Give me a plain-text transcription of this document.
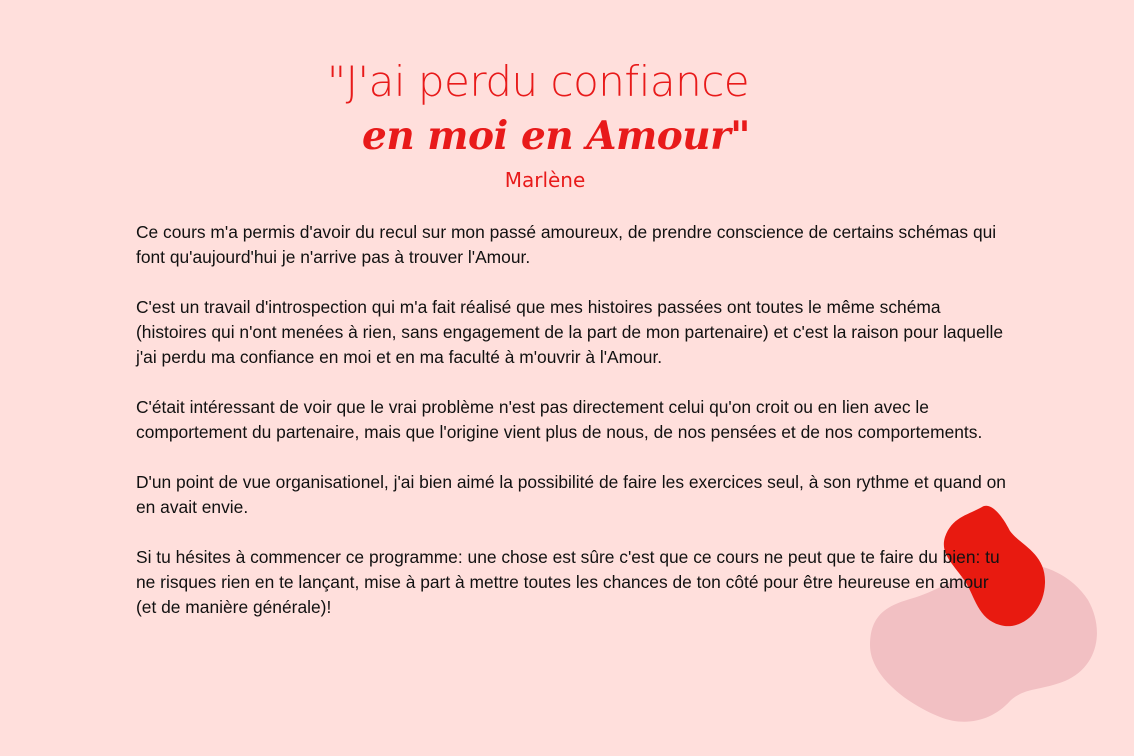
"J'ai perdu confiance
en moi en Amour"
Marlène

Ce cours m'a permis d'avoir du recul sur mon passé amoureux, de prendre conscience de certains schémas qui font qu'aujourd'hui je n'arrive pas à trouver l'Amour.

C'est un travail d'introspection qui m'a fait réalisé que mes histoires passées ont toutes le même schéma (histoires qui n'ont menées à rien, sans engagement de la part de mon partenaire) et c'est la raison pour laquelle j'ai perdu ma confiance en moi et en ma faculté à m'ouvrir à l'Amour.

C'était intéressant de voir que le vrai problème n'est pas directement celui qu'on croit ou en lien avec le comportement du partenaire, mais que l'origine vient plus de nous, de nos pensées et de nos comportements.

D'un point de vue organisationel, j'ai bien aimé la possibilité de faire les exercices seul, à son rythme et quand on en avait envie.

Si tu hésites à commencer ce programme: une chose est sûre c'est que ce cours ne peut que te faire du bien: tu ne risques rien en te lançant, mise à part à mettre toutes les chances de ton côté pour être heureuse en amour (et de manière générale)!
